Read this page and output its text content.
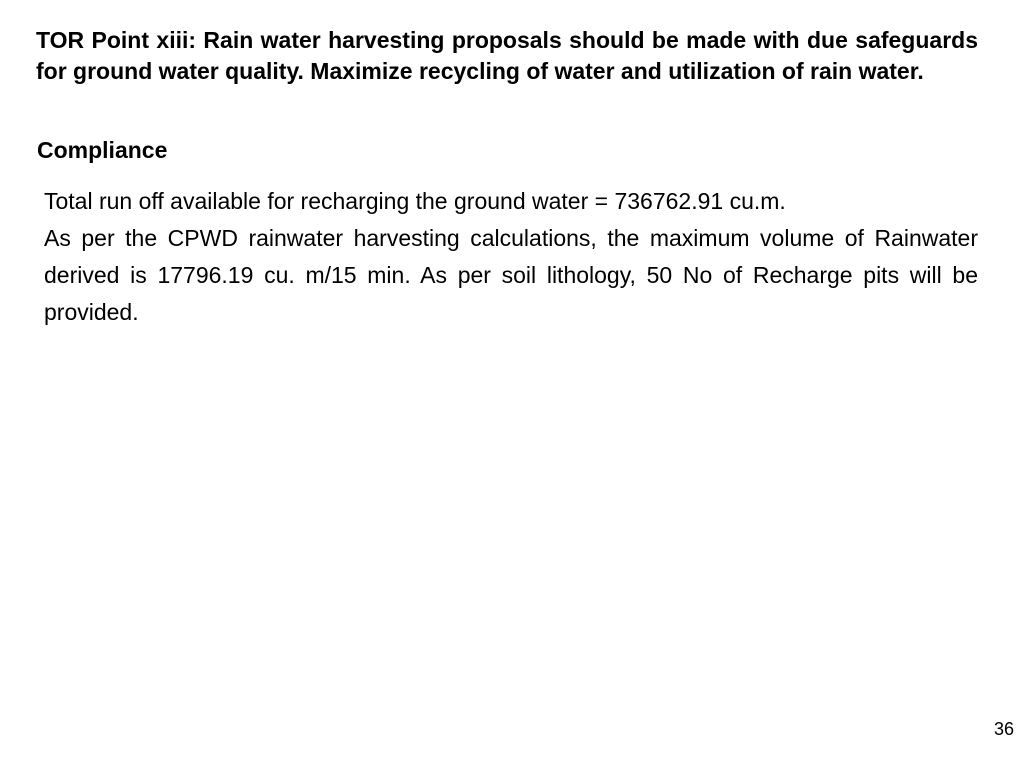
TOR Point xiii: Rain water harvesting proposals should be made with due safeguards for ground water quality. Maximize recycling of water and utilization of rain water.
Compliance

Total run off available for recharging the ground water = 736762.91 cu.m.

As per the CPWD rainwater harvesting calculations, the maximum volume of Rainwater derived is 17796.19 cu. m/15 min. As per soil lithology, 50 No of Recharge pits will be provided.

36
